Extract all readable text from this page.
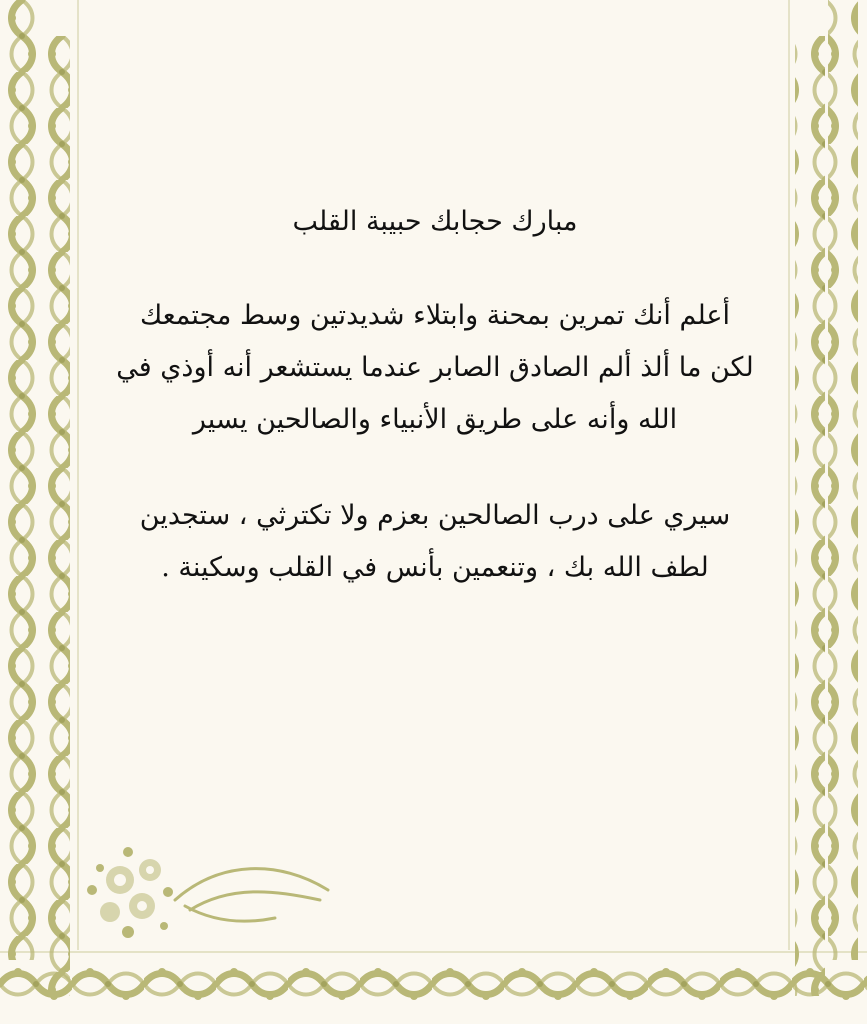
مبارك حجابك حبيبة القلب

أعلم أنك تمرين بمحنة وابتلاء شديدتين وسط مجتمعك
لكن ما ألذ ألم الصادق الصابر عندما يستشعر أنه أوذي في
الله وأنه على طريق الأنبياء والصالحين يسير

سيري على درب الصالحين بعزم ولا تكترثي ، ستجدين
لطف الله بك ، وتنعمين بأنس في القلب وسكينة .
